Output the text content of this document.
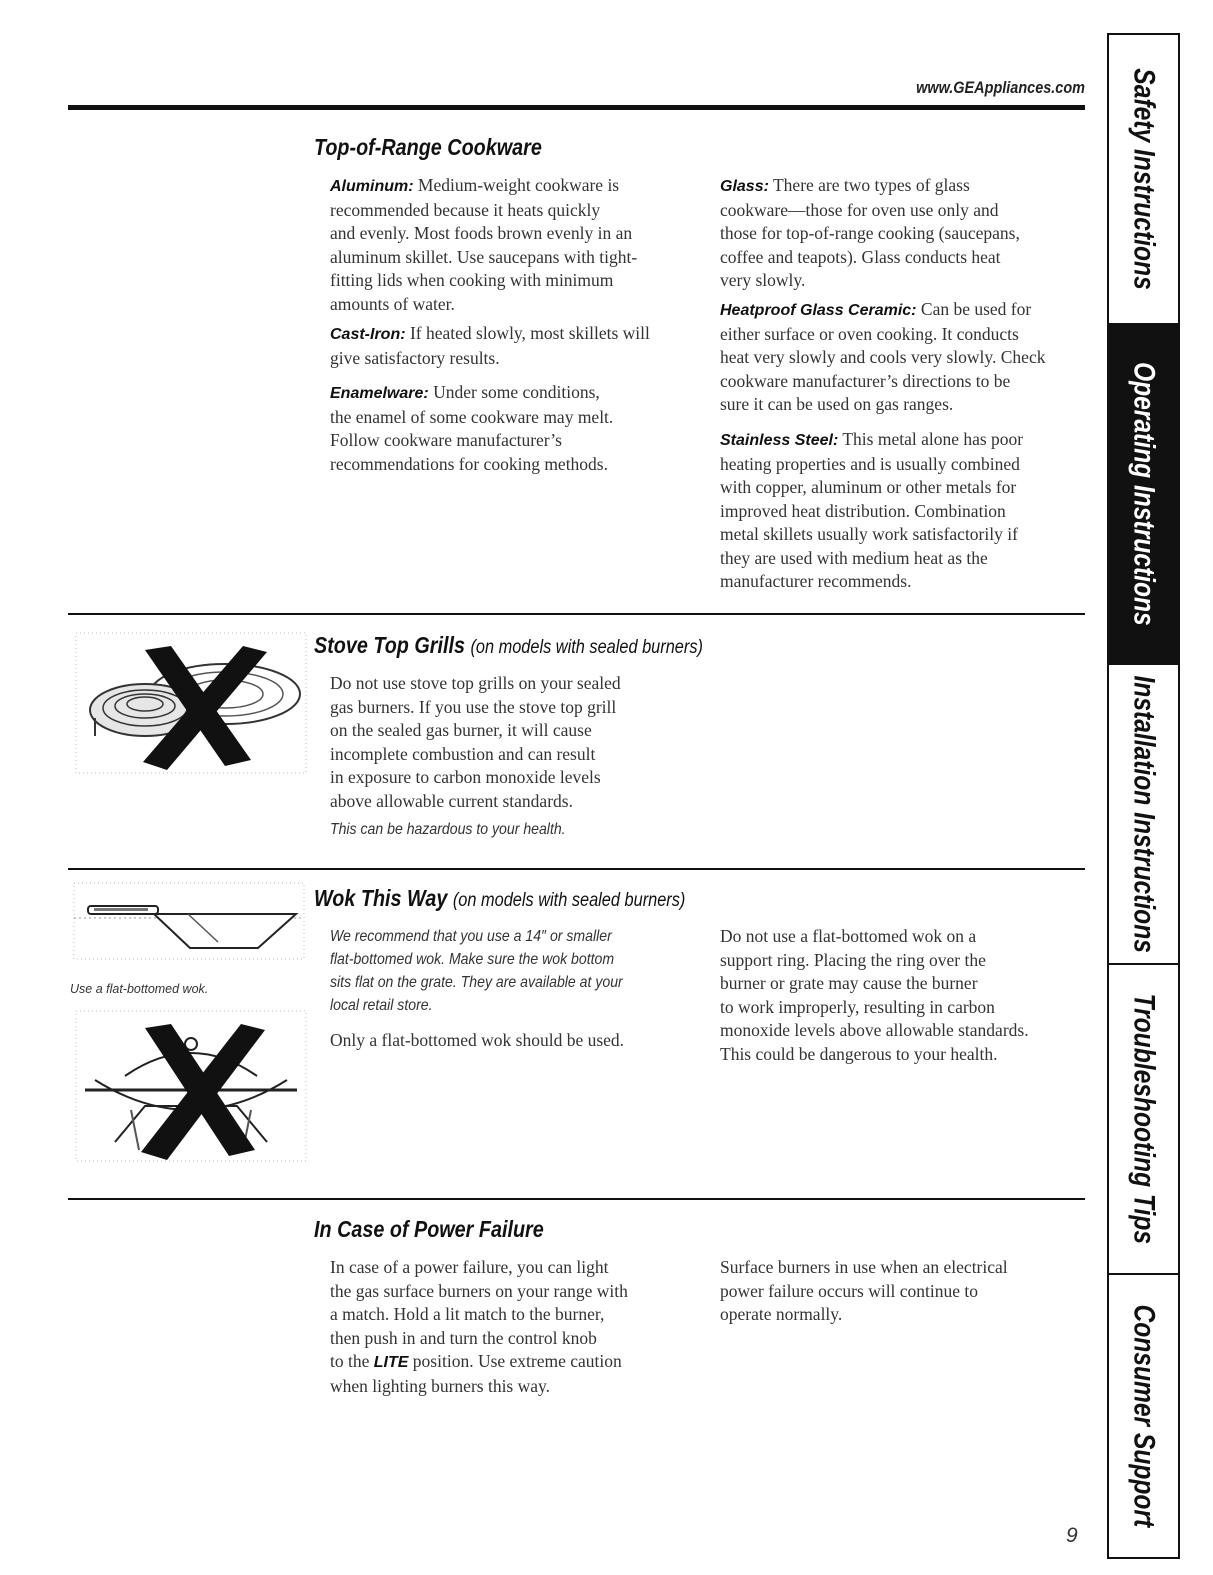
www.GEAppliances.com
Top-of-Range Cookware
Aluminum: Medium-weight cookware is
recommended because it heats quickly
and evenly. Most foods brown evenly in an
aluminum skillet. Use saucepans with tight-
fitting lids when cooking with minimum
amounts of water.
Cast-Iron: If heated slowly, most skillets will
give satisfactory results.
Enamelware: Under some conditions,
the enamel of some cookware may melt.
Follow cookware manufacturer’s
recommendations for cooking methods.
Glass: There are two types of glass
cookware—those for oven use only and
those for top-of-range cooking (saucepans,
coffee and teapots). Glass conducts heat
very slowly.
Heatproof Glass Ceramic: Can be used for
either surface or oven cooking. It conducts
heat very slowly and cools very slowly. Check
cookware manufacturer’s directions to be
sure it can be used on gas ranges.
Stainless Steel: This metal alone has poor
heating properties and is usually combined
with copper, aluminum or other metals for
improved heat distribution. Combination
metal skillets usually work satisfactorily if
they are used with medium heat as the
manufacturer recommends.
Stove Top Grills (on models with sealed burners)
Do not use stove top grills on your sealed
gas burners. If you use the stove top grill
on the sealed gas burner, it will cause
incomplete combustion and can result
in exposure to carbon monoxide levels
above allowable current standards.
This can be hazardous to your health.
Use a flat-bottomed wok.
Wok This Way (on models with sealed burners)
We recommend that you use a 14″ or smaller
flat-bottomed wok. Make sure the wok bottom
sits flat on the grate. They are available at your
local retail store.
Only a flat-bottomed wok should be used.
Do not use a flat-bottomed wok on a
support ring. Placing the ring over the
burner or grate may cause the burner
to work improperly, resulting in carbon
monoxide levels above allowable standards.
This could be dangerous to your health.
In Case of Power Failure
In case of a power failure, you can light
the gas surface burners on your range with
a match. Hold a lit match to the burner,
then push in and turn the control knob
to the LITE position. Use extreme caution
when lighting burners this way.
Surface burners in use when an electrical
power failure occurs will continue to
operate normally.
9
Safety Instructions
Operating Instructions
Installation Instructions
Troubleshooting Tips
Consumer Support
